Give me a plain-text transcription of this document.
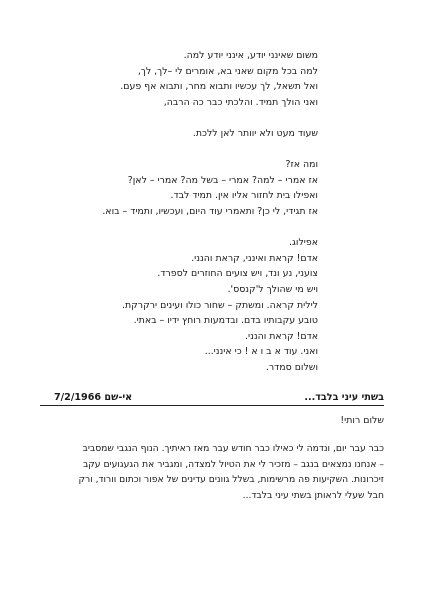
משום שאינני יודע, אינני יודע למה.
למה בכל מקום שאני בא, אומרים לי –לך, לך,
ואל תשאל, לך עכשיו ותבוא מחר, ותבוא אף פעם.
ואני הולך תמיד. והלכתי כבר כה הרבה,
שעוד מעט ולא יוותר לאן ללכת.
ומה אז?
אז אמרי – למה? אמרי – בשל מה? אמרי – לאן?
ואפילו בית לחזור אליו אין. תמיד לבד.
אז תגידי, לי כן? ותאמרי עוד היום, ועכשיו, ותמיד – בוא.
אפילוג.
אדם! קראת ואינני, קראת והנני.
צועני, נע ונד, ויש צועים החוזרים לספרד.
ויש מי שהולך ל'קנסס'.
לילית קראה. ומשתק – שחור כולו ועינים ירקרקת.
טובע עקבותיו בדם. ובדמעות רוחץ ידיו – באתי.
אדם! קראת והנני.
ואני. עוד א ב ו א ! כי אינני...
ושלום סמדר.
בשתי עיני בלבד...
אי-שם 7/2/1966
שלום רותי!
כבר עבר יום, ונדמה לי כאילו כבר חודש עבר מאז ראיתיך. הנוף הנגבי שמסביב
– אנחנו נמצאים בנגב – מזכיר לי את הטיול למצדה, ומגביר את הגעגועים עקב
זיכרונות. השקיעות פה מרשימות, בשלל גוונים עדינים של אפור וכתום וורוד, ורק
חבל שעלי לראותן בשתי עיני בלבד...
